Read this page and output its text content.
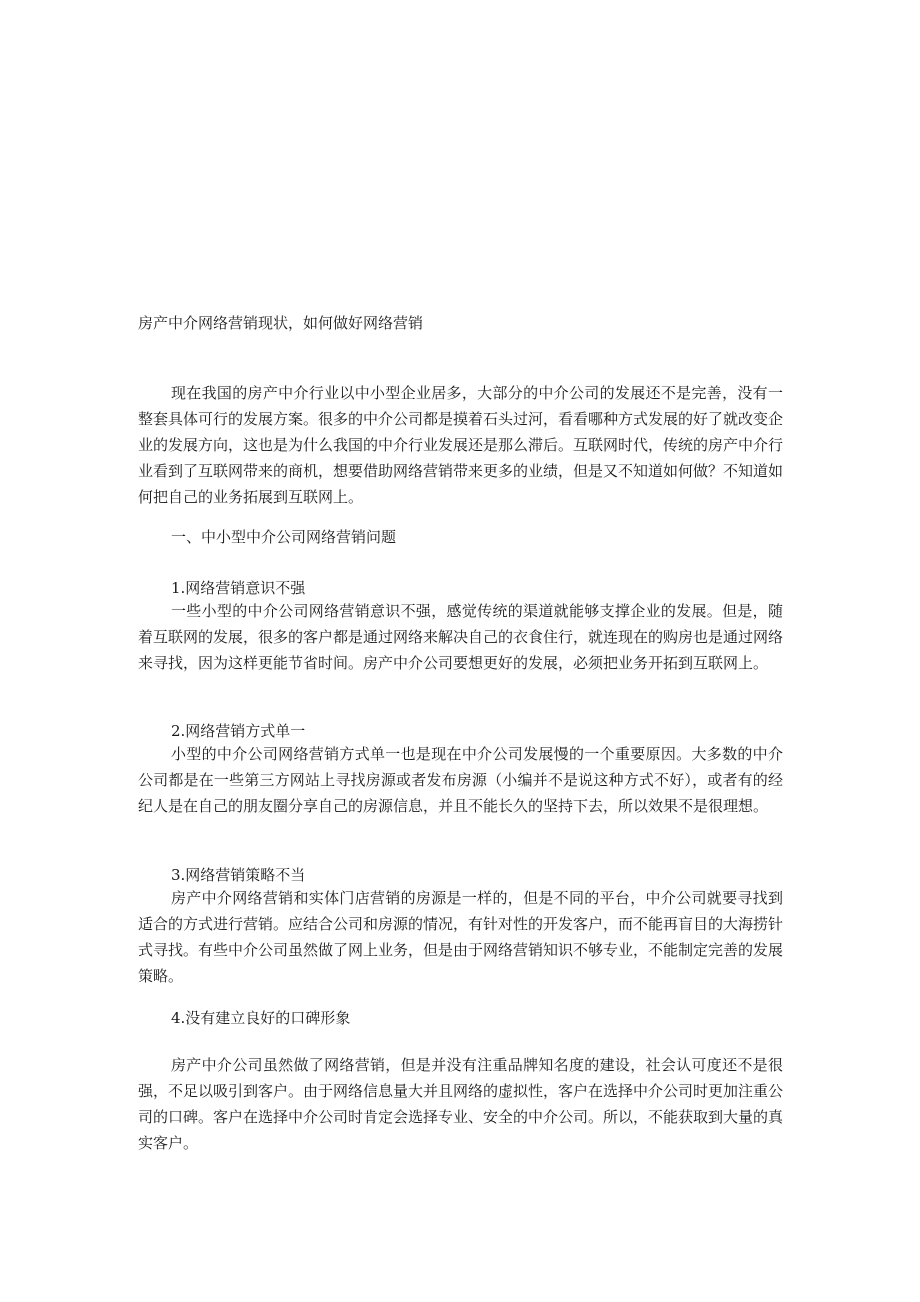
房产中介网络营销现状，如何做好网络营销

现在我国的房产中介行业以中小型企业居多，大部分的中介公司的发展还不是完善，没有一整套具体可行的发展方案。很多的中介公司都是摸着石头过河，看看哪种方式发展的好了就改变企业的发展方向，这也是为什么我国的中介行业发展还是那么滞后。互联网时代，传统的房产中介行业看到了互联网带来的商机，想要借助网络营销带来更多的业绩，但是又不知道如何做？不知道如何把自己的业务拓展到互联网上。

一、中小型中介公司网络营销问题
1.网络营销意识不强

一些小型的中介公司网络营销意识不强，感觉传统的渠道就能够支撑企业的发展。但是，随着互联网的发展，很多的客户都是通过网络来解决自己的衣食住行，就连现在的购房也是通过网络来寻找，因为这样更能节省时间。房产中介公司要想更好的发展，必须把业务开拓到互联网上。

2.网络营销方式单一

小型的中介公司网络营销方式单一也是现在中介公司发展慢的一个重要原因。大多数的中介公司都是在一些第三方网站上寻找房源或者发布房源（小编并不是说这种方式不好），或者有的经纪人是在自己的朋友圈分享自己的房源信息，并且不能长久的坚持下去，所以效果不是很理想。

3.网络营销策略不当

房产中介网络营销和实体门店营销的房源是一样的，但是不同的平台，中介公司就要寻找到适合的方式进行营销。应结合公司和房源的情况，有针对性的开发客户，而不能再盲目的大海捞针式寻找。有些中介公司虽然做了网上业务，但是由于网络营销知识不够专业，不能制定完善的发展策略。

4.没有建立良好的口碑形象

房产中介公司虽然做了网络营销，但是并没有注重品牌知名度的建设，社会认可度还不是很强，不足以吸引到客户。由于网络信息量大并且网络的虚拟性，客户在选择中介公司时更加注重公司的口碑。客户在选择中介公司时肯定会选择专业、安全的中介公司。所以，不能获取到大量的真实客户。
